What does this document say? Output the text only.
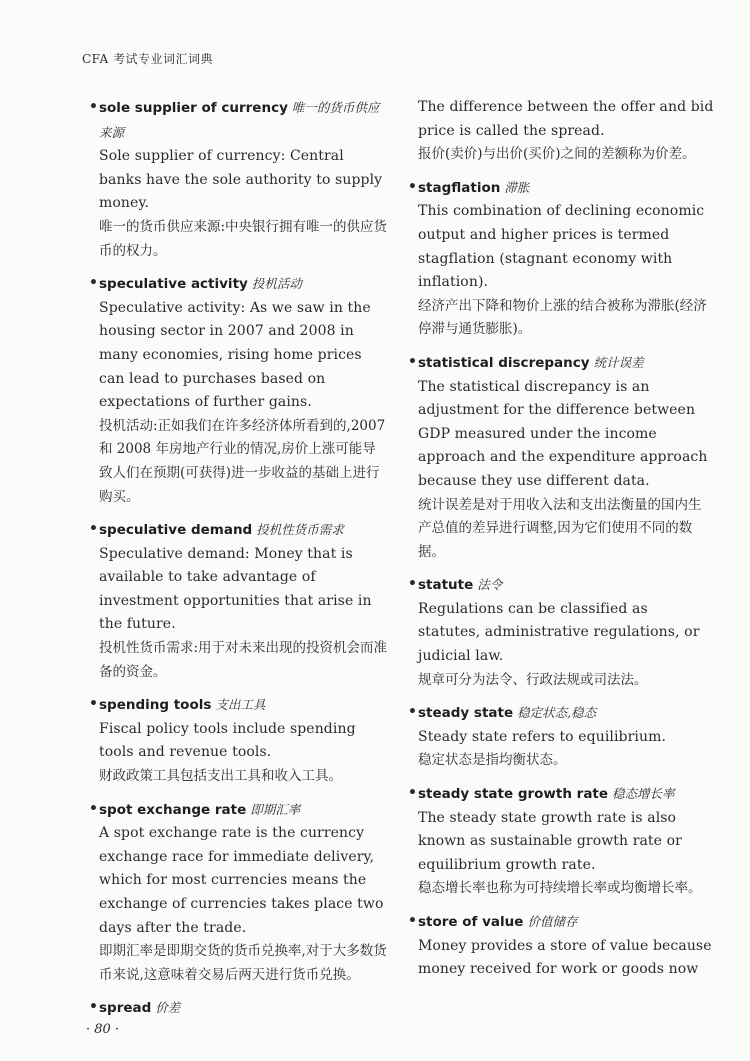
CFA 考试专业词汇词典
• sole supplier of currency 唯一的货币供应来源
Sole supplier of currency: Central banks have the sole authority to supply money.
唯一的货币供应来源:中央银行拥有唯一的供应货币的权力。
• speculative activity 投机活动
Speculative activity: As we saw in the housing sector in 2007 and 2008 in many economies, rising home prices can lead to purchases based on expectations of further gains.
投机活动:正如我们在许多经济体所看到的,2007 和 2008 年房地产行业的情况,房价上涨可能导致人们在预期(可获得)进一步收益的基础上进行购买。
• speculative demand 投机性货币需求
Speculative demand: Money that is available to take advantage of investment opportunities that arise in the future.
投机性货币需求:用于对未来出现的投资机会而准备的资金。
• spending tools 支出工具
Fiscal policy tools include spending tools and revenue tools.
财政政策工具包括支出工具和收入工具。
• spot exchange rate 即期汇率
A spot exchange rate is the currency exchange race for immediate delivery, which for most currencies means the exchange of currencies takes place two days after the trade.
即期汇率是即期交货的货币兑换率,对于大多数货币来说,这意味着交易后两天进行货币兑换。
• spread 价差
The difference between the offer and bid price is called the spread.
报价(卖价)与出价(买价)之间的差额称为价差。
• stagflation 滞胀
This combination of declining economic output and higher prices is termed stagflation (stagnant economy with inflation).
经济产出下降和物价上涨的结合被称为滞胀(经济停滞与通货膨胀)。
• statistical discrepancy 统计误差
The statistical discrepancy is an adjustment for the difference between GDP measured under the income approach and the expenditure approach because they use different data.
统计误差是对于用收入法和支出法衡量的国内生产总值的差异进行调整,因为它们使用不同的数据。
• statute 法令
Regulations can be classified as statutes, administrative regulations, or judicial law.
规章可分为法令、行政法规或司法法。
• steady state 稳定状态,稳态
Steady state refers to equilibrium.
稳定状态是指均衡状态。
• steady state growth rate 稳态增长率
The steady state growth rate is also known as sustainable growth rate or equilibrium growth rate.
稳态增长率也称为可持续增长率或均衡增长率。
• store of value 价值储存
Money provides a store of value because money received for work or goods now
· 80 ·
